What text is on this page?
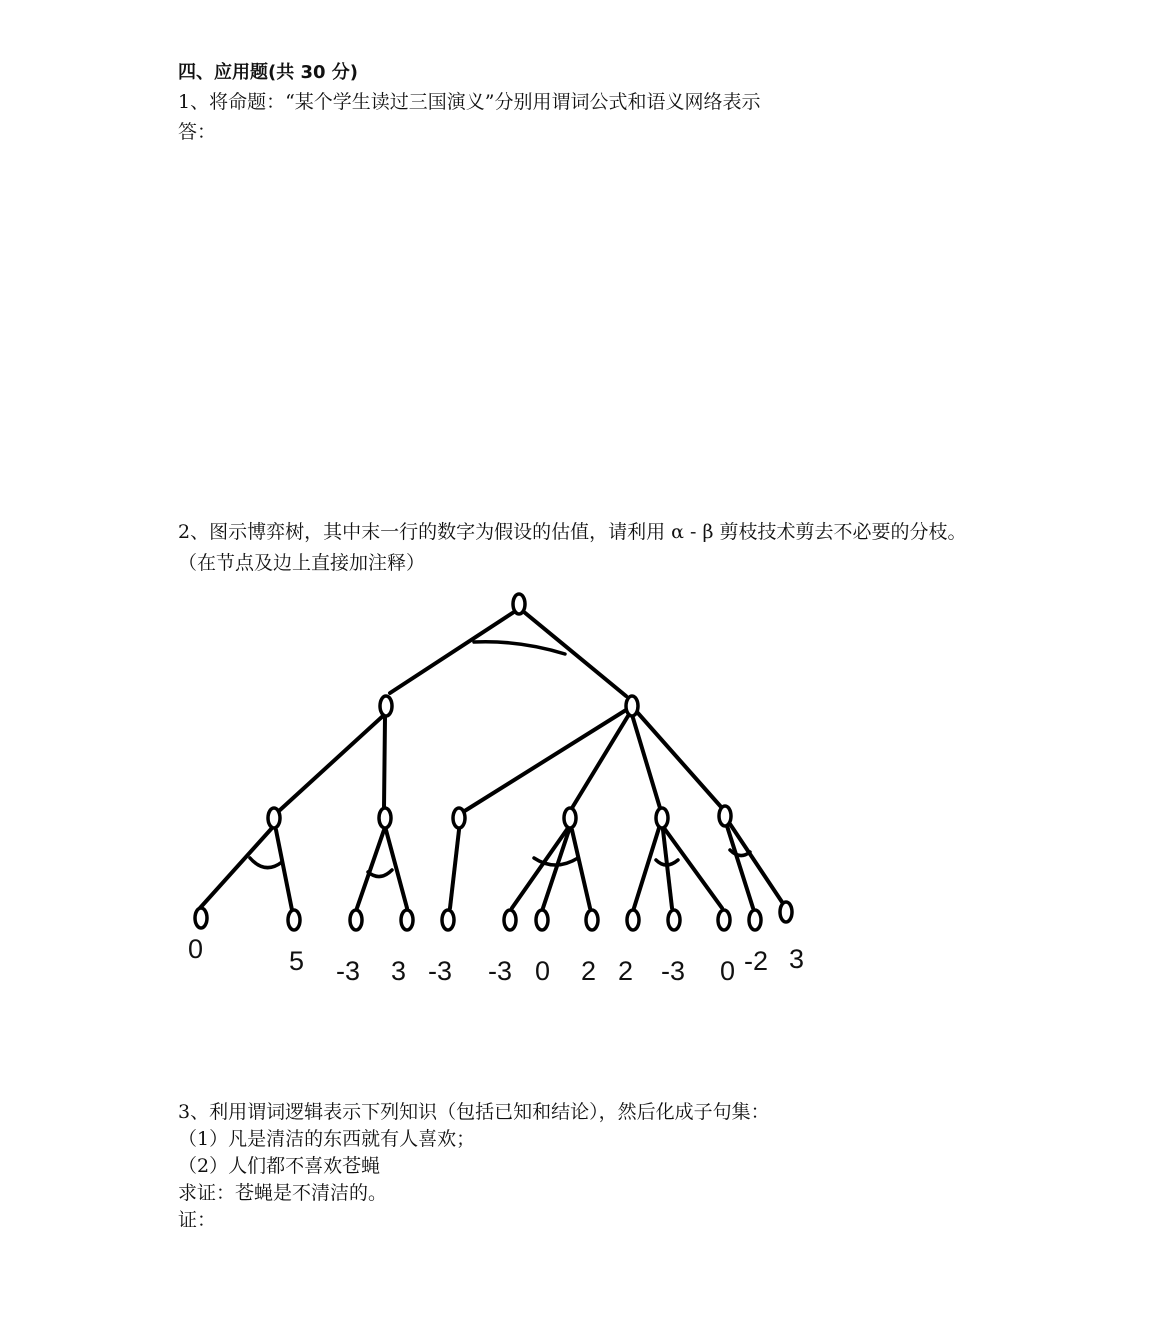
四、应用题(共 30 分)
1、将命题：“某个学生读过三国演义”分别用谓词公式和语义网络表示
答：
2、图示博弈树，其中末一行的数字为假设的估值，请利用 α - β 剪枝技术剪去不必要的分枝。
（在节点及边上直接加注释）
0	5 -3 3 -3 -3 0 2 2 -3 0 -2 3
3、利用谓词逻辑表示下列知识（包括已知和结论），然后化成子句集：
（1）凡是清洁的东西就有人喜欢；
（2）人们都不喜欢苍蝇
求证：苍蝇是不清洁的。
证：
